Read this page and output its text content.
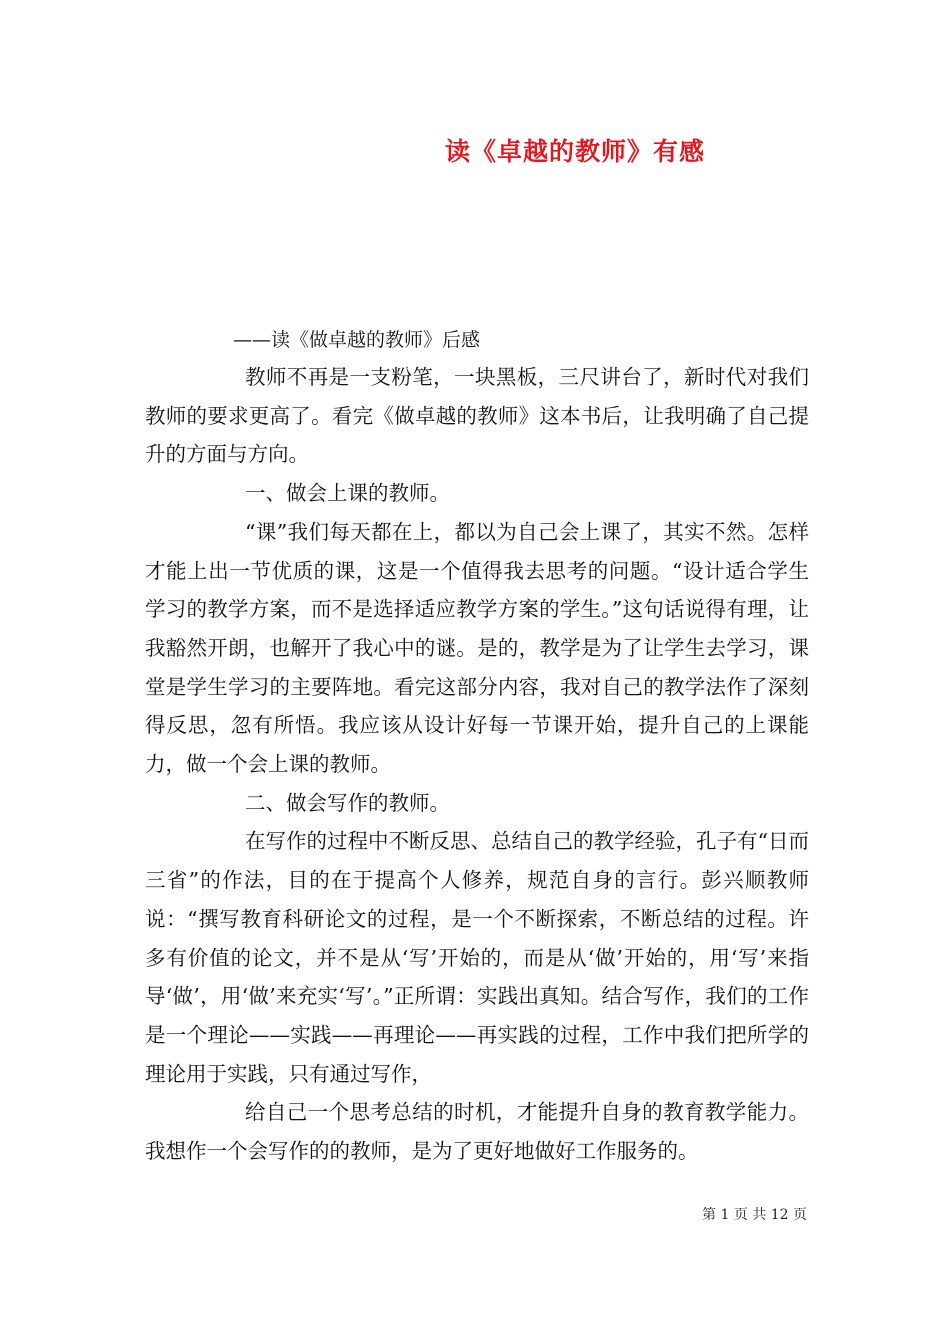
读《卓越的教师》有感
——读《做卓越的教师》后感

教师不再是一支粉笔，一块黑板，三尺讲台了，新时代对我们教师的要求更高了。看完《做卓越的教师》这本书后，让我明确了自己提升的方面与方向。

一、做会上课的教师。

“课”我们每天都在上，都以为自己会上课了，其实不然。怎样才能上出一节优质的课，这是一个值得我去思考的问题。“设计适合学生学习的教学方案，而不是选择适应教学方案的学生。”这句话说得有理，让我豁然开朗，也解开了我心中的谜。是的，教学是为了让学生去学习，课堂是学生学习的主要阵地。看完这部分内容，我对自己的教学法作了深刻得反思，忽有所悟。我应该从设计好每一节课开始，提升自己的上课能力，做一个会上课的教师。

二、做会写作的教师。

在写作的过程中不断反思、总结自己的教学经验，孔子有“日而三省”的作法，目的在于提高个人修养，规范自身的言行。彭兴顺教师说：“撰写教育科研论文的过程，是一个不断探索，不断总结的过程。许多有价值的论文，并不是从‘写’开始的，而是从‘做’开始的，用‘写’来指导‘做’，用‘做’来充实‘写’。”正所谓：实践出真知。结合写作，我们的工作是一个理论——实践——再理论——再实践的过程，工作中我们把所学的理论用于实践，只有通过写作，

给自己一个思考总结的时机，才能提升自身的教育教学能力。我想作一个会写作的的教师，是为了更好地做好工作服务的。

第 1 页 共 12 页
